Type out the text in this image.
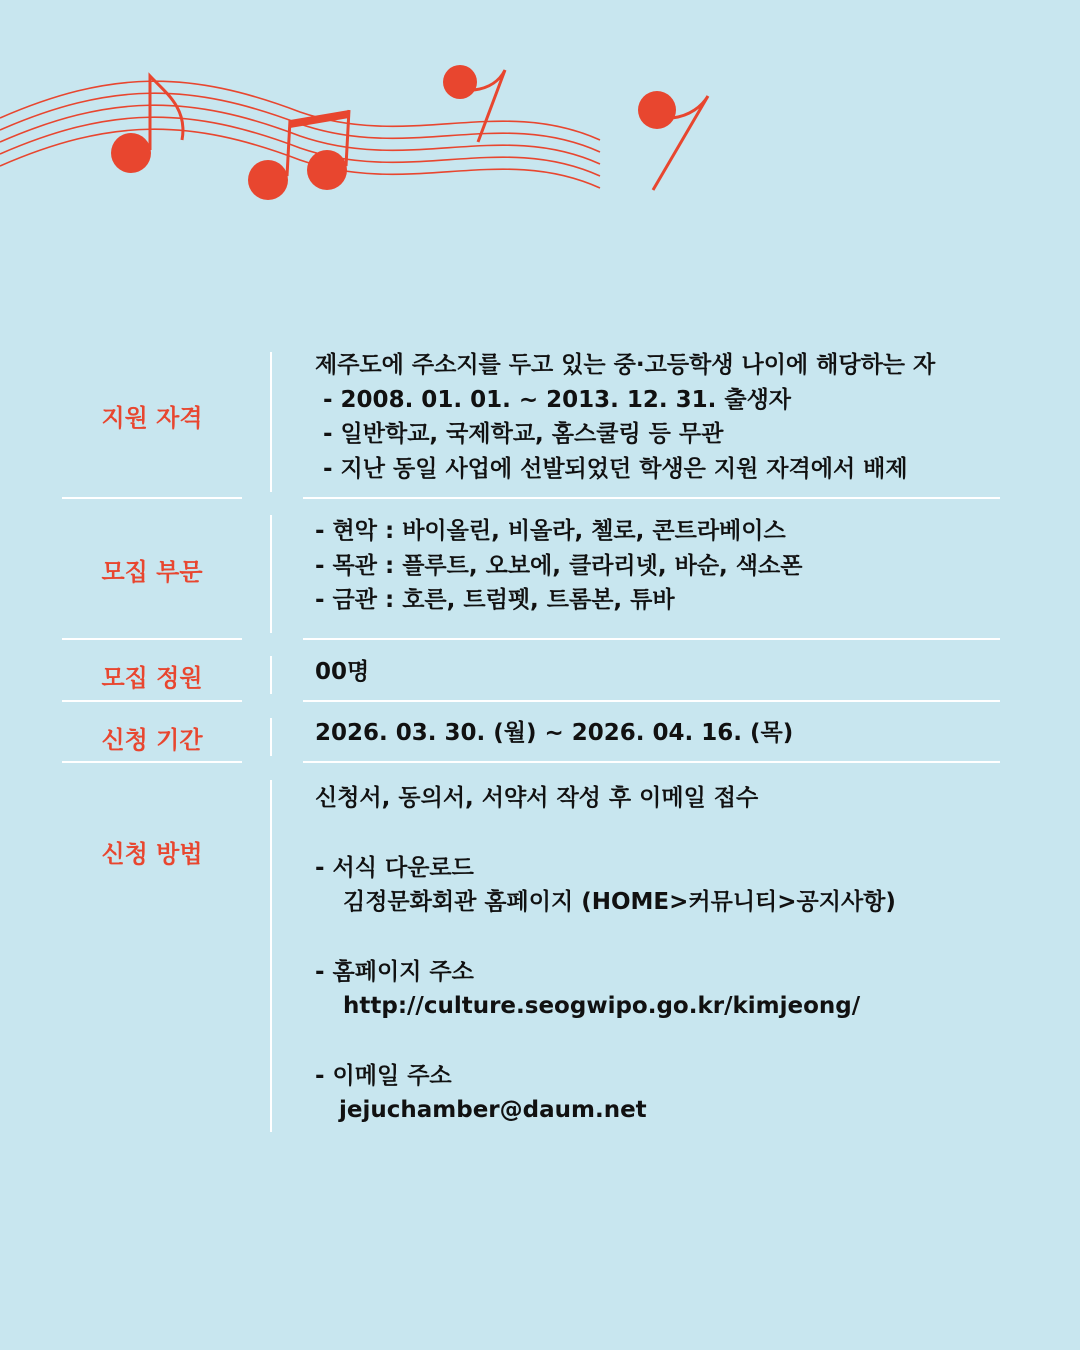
지원 자격
제주도에 주소지를 두고 있는 중·고등학생 나이에 해당하는 자
- 2008. 01. 01. ~ 2013. 12. 31. 출생자
- 일반학교, 국제학교, 홈스쿨링 등 무관
- 지난 동일 사업에 선발되었던 학생은 지원 자격에서 배제
모집 부문
- 현악 : 바이올린, 비올라, 첼로, 콘트라베이스
- 목관 : 플루트, 오보에, 클라리넷, 바순, 색소폰
- 금관 : 호른, 트럼펫, 트롬본, 튜바
모집 정원	00명
신청 기간	2026. 03. 30. (월) ~ 2026. 04. 16. (목)
신청 방법
신청서, 동의서, 서약서 작성 후 이메일 접수
- 서식 다운로드
김정문화회관 홈페이지 (HOME>커뮤니티>공지사항)
- 홈페이지 주소
http://culture.seogwipo.go.kr/kimjeong/
- 이메일 주소
jejuchamber@daum.net
